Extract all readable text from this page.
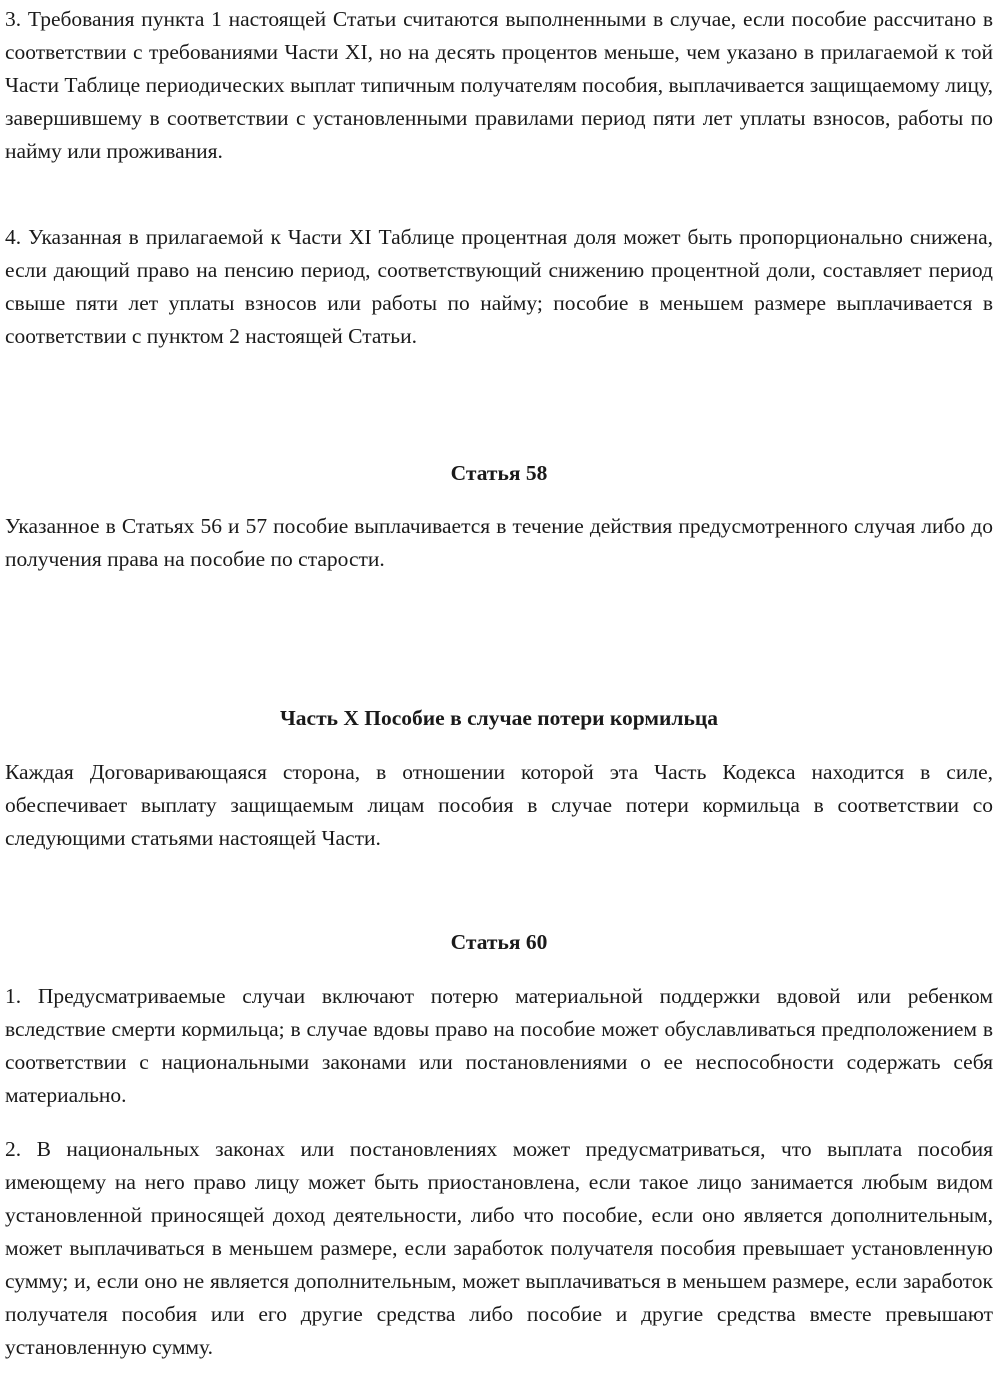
3. Требования пункта 1 настоящей Статьи считаются выполненными в случае, если пособие рассчитано в соответствии с требованиями Части XI, но на десять процентов меньше, чем указано в прилагаемой к той Части Таблице периодических выплат типичным получателям пособия, выплачивается защищаемому лицу, завершившему в соответствии с установленными правилами период пяти лет уплаты взносов, работы по найму или проживания.

4. Указанная в прилагаемой к Части XI Таблице процентная доля может быть пропорционально снижена, если дающий право на пенсию период, соответствующий снижению процентной доли, составляет период свыше пяти лет уплаты взносов или работы по найму; пособие в меньшем размере выплачивается в соответствии с пунктом 2 настоящей Статьи.

Статья 58

Указанное в Статьях 56 и 57 пособие выплачивается в течение действия предусмотренного случая либо до получения права на пособие по старости.

Часть X Пособие в случае потери кормильца

Каждая Договаривающаяся сторона, в отношении которой эта Часть Кодекса находится в силе, обеспечивает выплату защищаемым лицам пособия в случае потери кормильца в соответствии со следующими статьями настоящей Части.

Статья 60

1. Предусматриваемые случаи включают потерю материальной поддержки вдовой или ребенком вследствие смерти кормильца; в случае вдовы право на пособие может обуславливаться предположением в соответствии с национальными законами или постановлениями о ее неспособности содержать себя материально.

2. В национальных законах или постановлениях может предусматриваться, что выплата пособия имеющему на него право лицу может быть приостановлена, если такое лицо занимается любым видом установленной приносящей доход деятельности, либо что пособие, если оно является дополнительным, может выплачиваться в меньшем размере, если заработок получателя пособия превышает установленную сумму; и, если оно не является дополнительным, может выплачиваться в меньшем размере, если заработок получателя пособия или его другие средства либо пособие и другие средства вместе превышают установленную сумму.
